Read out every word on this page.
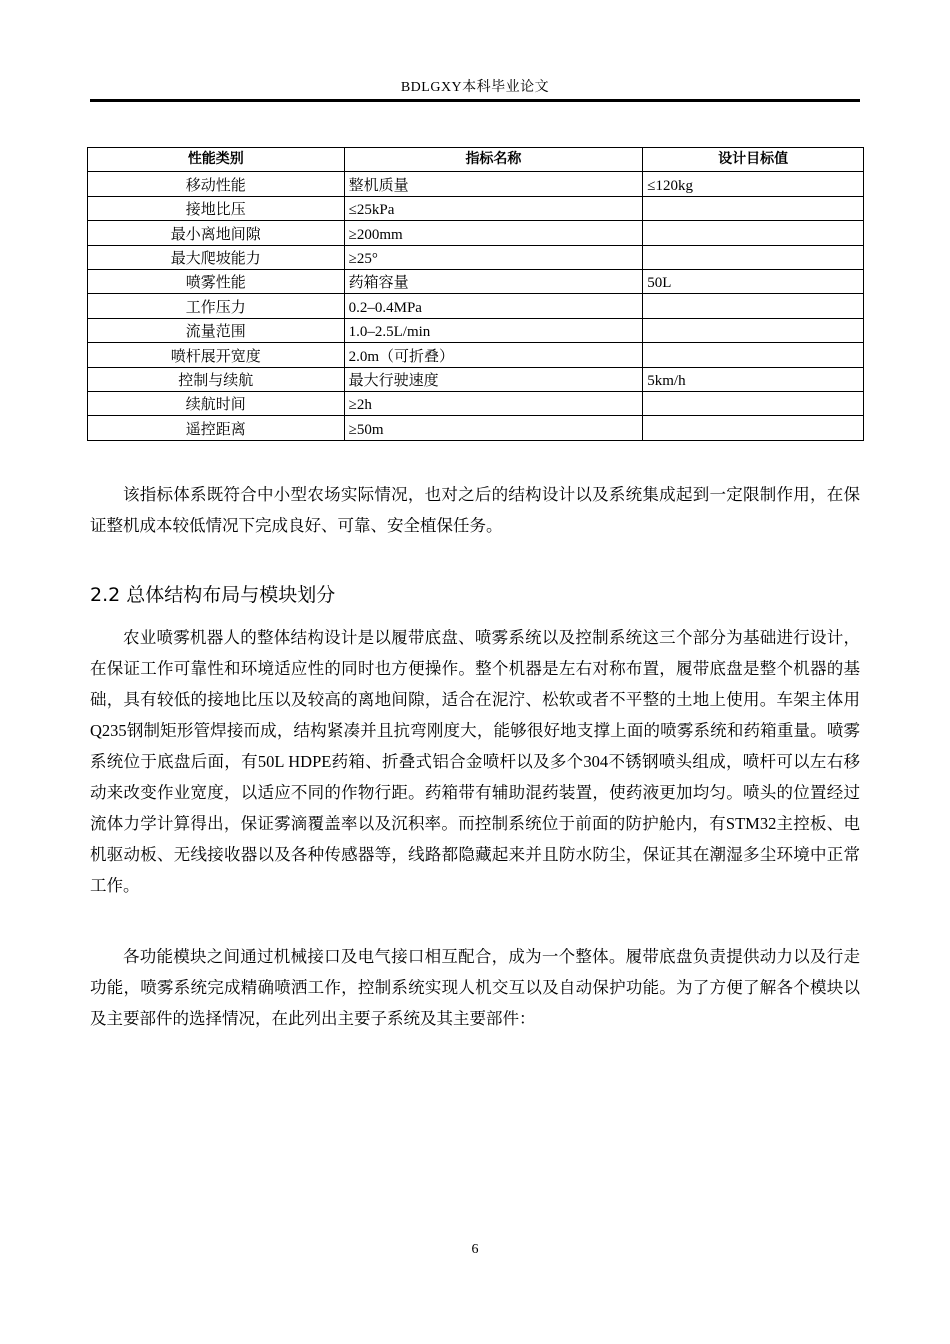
BDLGXY本科毕业论文
性能类别	指标名称	设计目标值
移动性能	整机质量	≤120kg
接地比压	≤25kPa	
最小离地间隙	≥200mm	
最大爬坡能力	≥25°	
喷雾性能	药箱容量	50L
工作压力	0.2–0.4MPa	
流量范围	1.0–2.5L/min	
喷杆展开宽度	2.0m（可折叠）	
控制与续航	最大行驶速度	5km/h
续航时间	≥2h	
遥控距离	≥50m	

该指标体系既符合中小型农场实际情况，也对之后的结构设计以及系统集成起到一定限制作用，在保证整机成本较低情况下完成良好、可靠、安全植保任务。

2.2 总体结构布局与模块划分

农业喷雾机器人的整体结构设计是以履带底盘、喷雾系统以及控制系统这三个部分为基础进行设计，在保证工作可靠性和环境适应性的同时也方便操作。整个机器是左右对称布置，履带底盘是整个机器的基础，具有较低的接地比压以及较高的离地间隙，适合在泥泞、松软或者不平整的土地上使用。车架主体用Q235钢制矩形管焊接而成，结构紧凑并且抗弯刚度大，能够很好地支撑上面的喷雾系统和药箱重量。喷雾系统位于底盘后面，有50L HDPE药箱、折叠式铝合金喷杆以及多个304不锈钢喷头组成，喷杆可以左右移动来改变作业宽度，以适应不同的作物行距。药箱带有辅助混药装置，使药液更加均匀。喷头的位置经过流体力学计算得出，保证雾滴覆盖率以及沉积率。而控制系统位于前面的防护舱内，有STM32主控板、电机驱动板、无线接收器以及各种传感器等，线路都隐藏起来并且防水防尘，保证其在潮湿多尘环境中正常工作。

各功能模块之间通过机械接口及电气接口相互配合，成为一个整体。履带底盘负责提供动力以及行走功能，喷雾系统完成精确喷洒工作，控制系统实现人机交互以及自动保护功能。为了方便了解各个模块以及主要部件的选择情况，在此列出主要子系统及其主要部件：

6
